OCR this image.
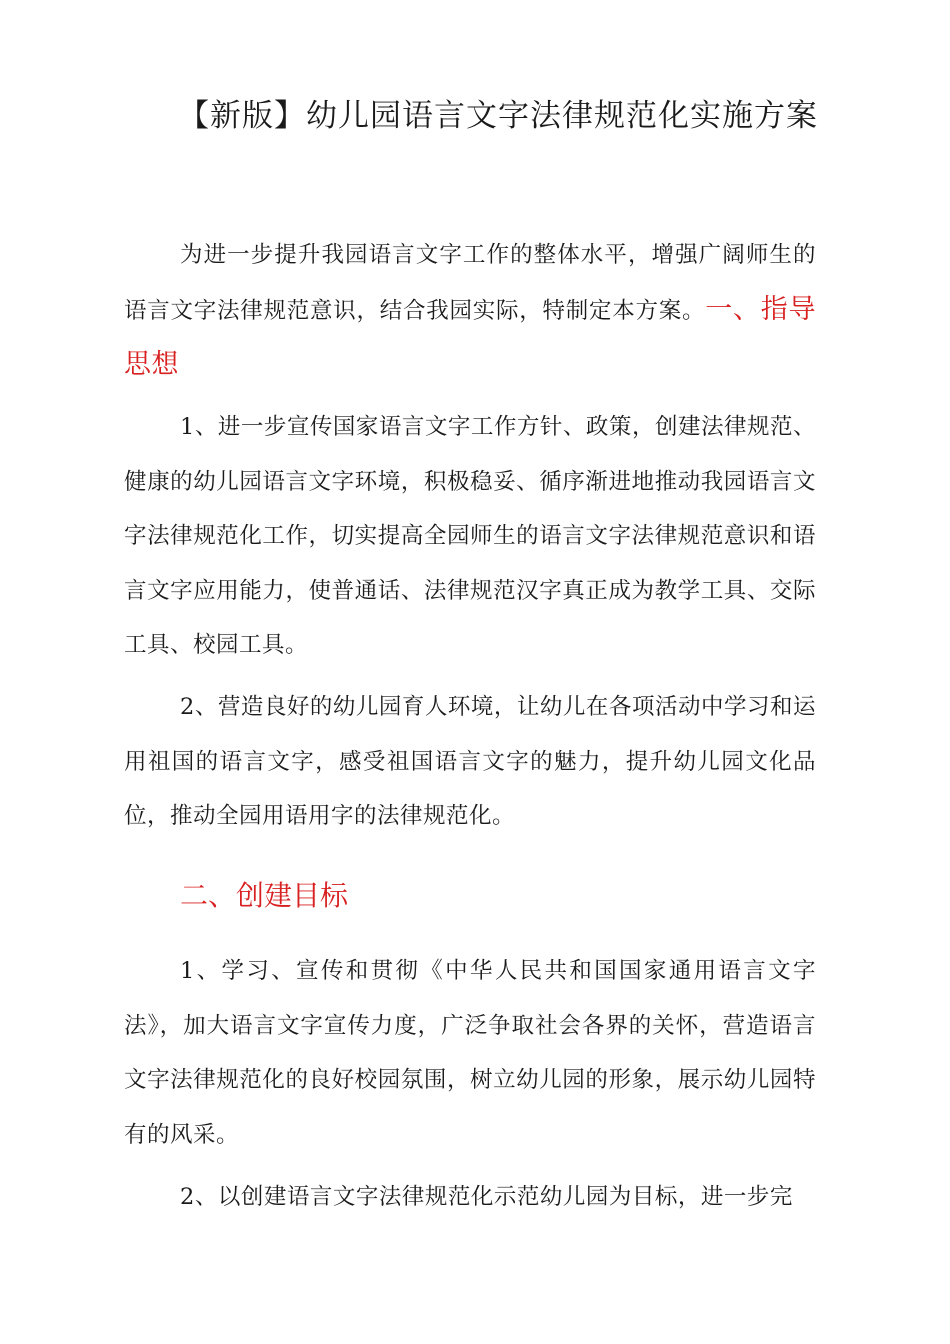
【新版】幼儿园语言文字法律规范化实施方案

为进一步提升我园语言文字工作的整体水平，增强广阔师生的语言文字法律规范意识，结合我园实际，特制定本方案。一、指导思想

1、进一步宣传国家语言文字工作方针、政策，创建法律规范、健康的幼儿园语言文字环境，积极稳妥、循序渐进地推动我园语言文字法律规范化工作，切实提高全园师生的语言文字法律规范意识和语言文字应用能力，使普通话、法律规范汉字真正成为教学工具、交际工具、校园工具。

2、营造良好的幼儿园育人环境，让幼儿在各项活动中学习和运用祖国的语言文字，感受祖国语言文字的魅力，提升幼儿园文化品位，推动全园用语用字的法律规范化。

二、创建目标

1、学习、宣传和贯彻《中华人民共和国国家通用语言文字法》，加大语言文字宣传力度，广泛争取社会各界的关怀，营造语言文字法律规范化的良好校园氛围，树立幼儿园的形象，展示幼儿园特有的风采。

2、以创建语言文字法律规范化示范幼儿园为目标，进一步完
